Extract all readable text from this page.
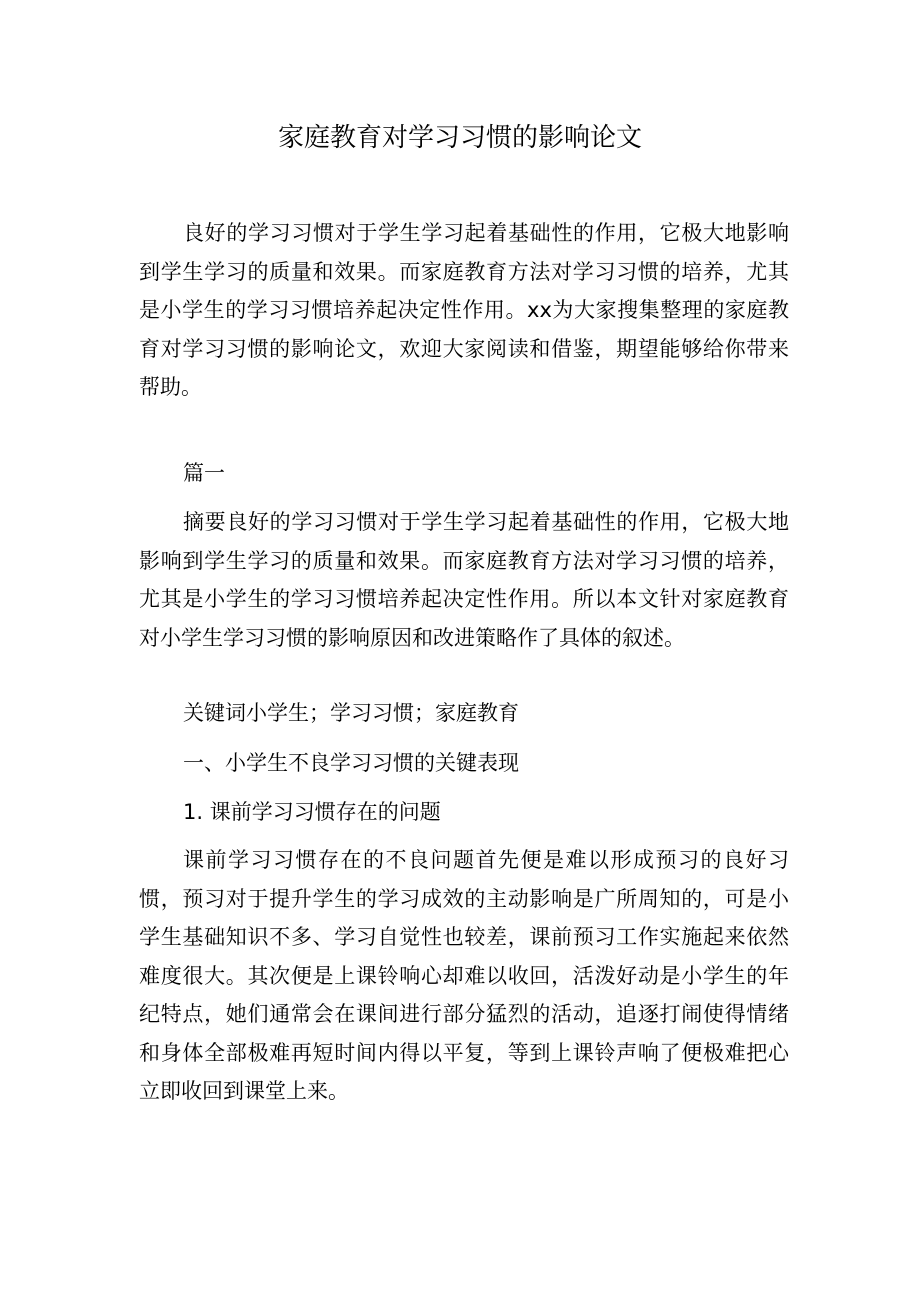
家庭教育对学习习惯的影响论文
良好的学习习惯对于学生学习起着基础性的作用，它极大地影响到学生学习的质量和效果。而家庭教育方法对学习习惯的培养，尤其是小学生的学习习惯培养起决定性作用。xx为大家搜集整理的家庭教育对学习习惯的影响论文，欢迎大家阅读和借鉴，期望能够给你带来帮助。
篇一
摘要良好的学习习惯对于学生学习起着基础性的作用，它极大地影响到学生学习的质量和效果。而家庭教育方法对学习习惯的培养，尤其是小学生的学习习惯培养起决定性作用。所以本文针对家庭教育对小学生学习习惯的影响原因和改进策略作了具体的叙述。
关键词小学生；学习习惯；家庭教育
一、小学生不良学习习惯的关键表现
1. 课前学习习惯存在的问题
课前学习习惯存在的不良问题首先便是难以形成预习的良好习惯，预习对于提升学生的学习成效的主动影响是广所周知的，可是小学生基础知识不多、学习自觉性也较差，课前预习工作实施起来依然难度很大。其次便是上课铃响心却难以收回，活泼好动是小学生的年纪特点，她们通常会在课间进行部分猛烈的活动，追逐打闹使得情绪和身体全部极难再短时间内得以平复，等到上课铃声响了便极难把心立即收回到课堂上来。
